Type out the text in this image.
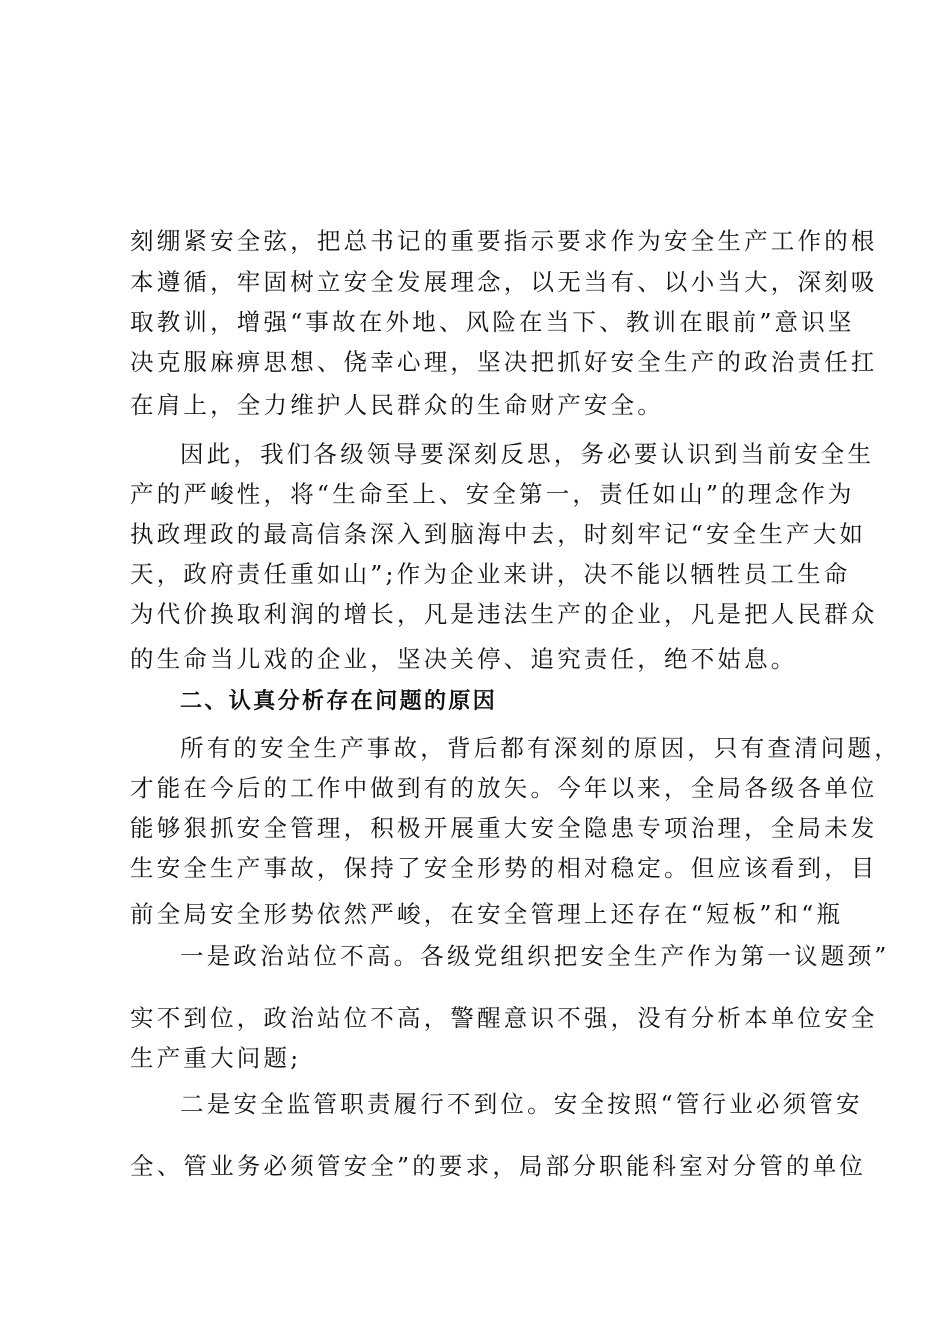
刻绷紧安全弦，把总书记的重要指示要求作为安全生产工作的根
本遵循，牢固树立安全发展理念，以无当有、以小当大，深刻吸
取教训，增强“事故在外地、风险在当下、教训在眼前”意识坚
决克服麻痹思想、侥幸心理，坚决把抓好安全生产的政治责任扛
在肩上，全力维护人民群众的生命财产安全。
因此，我们各级领导要深刻反思，务必要认识到当前安全生
产的严峻性，将“生命至上、安全第一，责任如山”的理念作为
执政理政的最高信条深入到脑海中去，时刻牢记“安全生产大如
天，政府责任重如山”;作为企业来讲，决不能以牺牲员工生命
为代价换取利润的增长，凡是违法生产的企业，凡是把人民群众
的生命当儿戏的企业，坚决关停、追究责任，绝不姑息。
二、认真分析存在问题的原因
所有的安全生产事故，背后都有深刻的原因，只有查清问题，
才能在今后的工作中做到有的放矢。今年以来，全局各级各单位
能够狠抓安全管理，积极开展重大安全隐患专项治理，全局未发
生安全生产事故，保持了安全形势的相对稳定。但应该看到，目
前全局安全形势依然严峻，在安全管理上还存在“短板”和“瓶
一是政治站位不高。各级党组织把安全生产作为第一议题颈”
实不到位，政治站位不高，警醒意识不强，没有分析本单位安全
生产重大问题;
二是安全监管职责履行不到位。安全按照“管行业必须管安
全、管业务必须管安全”的要求，局部分职能科室对分管的单位
